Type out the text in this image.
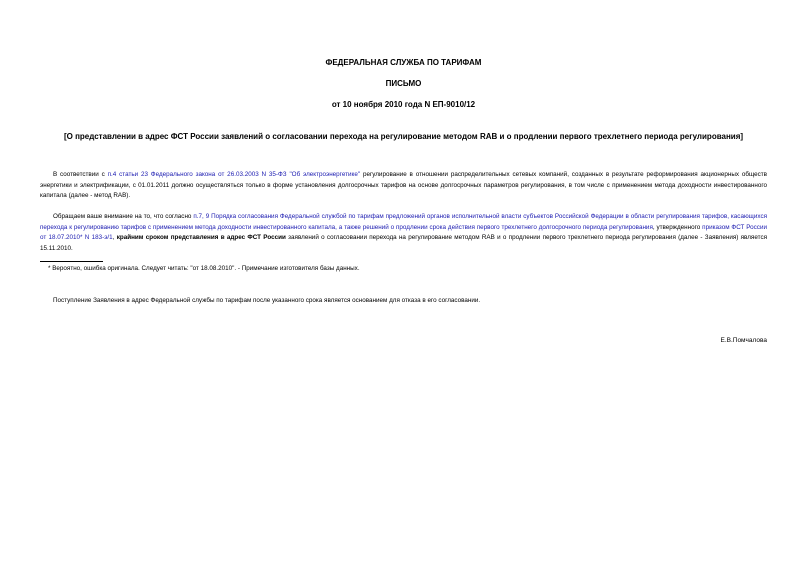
ФЕДЕРАЛЬНАЯ СЛУЖБА ПО ТАРИФАМ
ПИСЬМО
от 10 ноября 2010 года N ЕП-9010/12
[О представлении в адрес ФСТ России заявлений о согласовании перехода на регулирование методом RAB и о продлении первого трехлетнего периода регулирования]
В соответствии с п.4 статьи 23 Федерального закона от 26.03.2003 N 35-ФЗ "Об электроэнергетике" регулирование в отношении распределительных сетевых компаний, созданных в результате реформирования акционерных обществ энергетики и электрификации, с 01.01.2011 должно осуществляться только в форме установления долгосрочных тарифов на основе долгосрочных параметров регулирования, в том числе с применением метода доходности инвестированного капитала (далее - метод RAB).
Обращаем ваше внимание на то, что согласно п.7, 9 Порядка согласования Федеральной службой по тарифам предложений органов исполнительной власти субъектов Российской Федерации в области регулирования тарифов, касающихся перехода к регулированию тарифов с применением метода доходности инвестированного капитала, а также решений о продлении срока действия первого трехлетнего долгосрочного периода регулирования, утвержденного приказом ФСТ России от 18.07.2010* N 183-э/1, крайним сроком представления в адрес ФСТ России заявлений о согласовании перехода на регулирование методом RAB и о продлении первого трехлетнего периода регулирования (далее - Заявления) является 15.11.2010.
* Вероятно, ошибка оригинала. Следует читать: "от 18.08.2010". - Примечание изготовителя базы данных.
Поступление Заявления в адрес Федеральной службы по тарифам после указанного срока является основанием для отказа в его согласовании.
Е.В.Помчалова
